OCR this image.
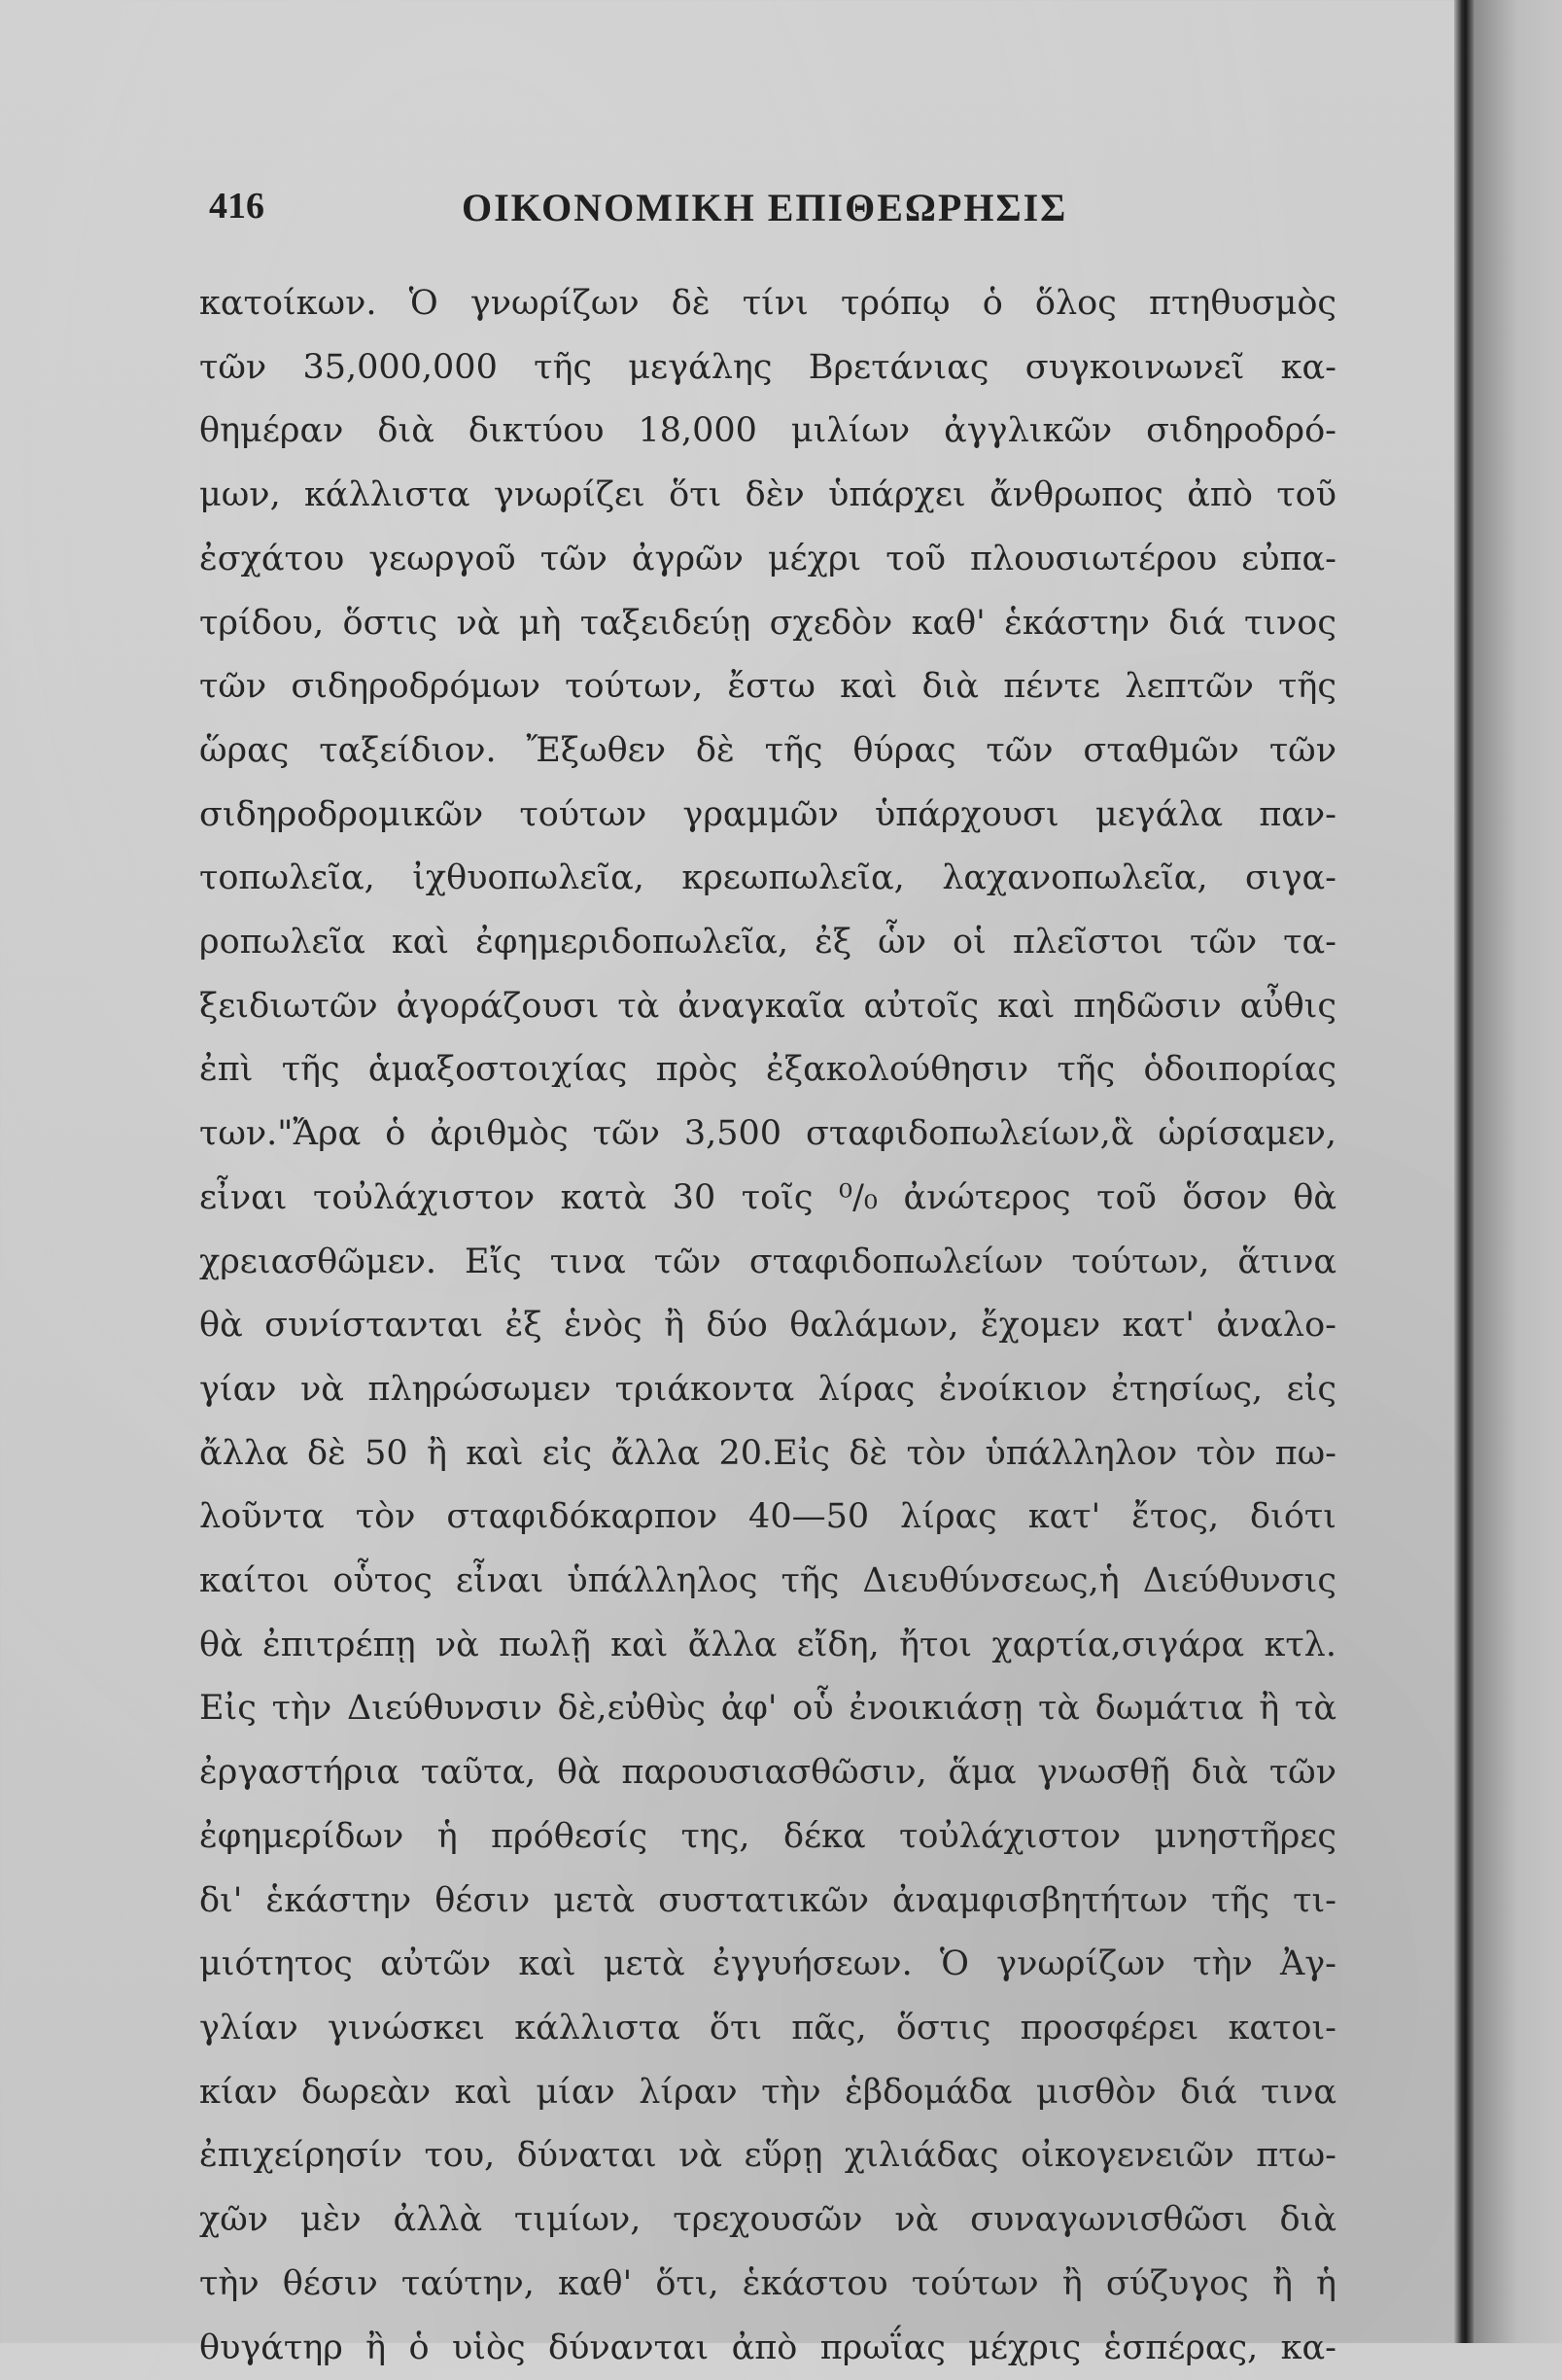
416	ΟΙΚΟΝΟΜΙΚΗ ΕΠΙΘΕΩΡΗΣΙΣ
κατοίκων. Ὁ γνωρίζων δὲ τίνι τρόπῳ ὁ ὅλος πτηθυσμὸς
τῶν 35,000,000 τῆς μεγάλης Βρετάνιας συγκοινωνεῖ κα-
θημέραν διὰ δικτύου 18,000 μιλίων ἀγγλικῶν σιδηροδρό-
μων, κάλλιστα γνωρίζει ὅτι δὲν ὑπάρχει ἄνθρωπος ἀπὸ τοῦ
ἐσχάτου γεωργοῦ τῶν ἀγρῶν μέχρι τοῦ πλουσιωτέρου εὐπα-
τρίδου, ὅστις νὰ μὴ ταξειδεύῃ σχεδὸν καθ' ἑκάστην διά τινος
τῶν σιδηροδρόμων τούτων, ἔστω καὶ διὰ πέντε λεπτῶν τῆς
ὥρας ταξείδιον. Ἔξωθεν δὲ τῆς θύρας τῶν σταθμῶν τῶν
σιδηροδρομικῶν τούτων γραμμῶν ὑπάρχουσι μεγάλα παν-
τοπωλεῖα, ἰχθυοπωλεῖα, κρεωπωλεῖα, λαχανοπωλεῖα, σιγα-
ροπωλεῖα καὶ ἐφημεριδοπωλεῖα, ἐξ ὧν οἱ πλεῖστοι τῶν τα-
ξειδιωτῶν ἀγοράζουσι τὰ ἀναγκαῖα αὐτοῖς καὶ πηδῶσιν αὖθις
ἐπὶ τῆς ἁμαξοστοιχίας πρὸς ἐξακολούθησιν τῆς ὁδοιπορίας
των."Ἄρα ὁ ἀριθμὸς τῶν 3,500 σταφιδοπωλείων,ἃ ὡρίσαμεν,
εἶναι τοὐλάχιστον κατὰ 30 τοῖς ⁰/₀ ἀνώτερος τοῦ ὅσον θὰ
χρειασθῶμεν. Εἴς τινα τῶν σταφιδοπωλείων τούτων, ἅτινα
θὰ συνίστανται ἐξ ἑνὸς ἢ δύο θαλάμων, ἔχομεν κατ' ἀναλο-
γίαν νὰ πληρώσωμεν τριάκοντα λίρας ἐνοίκιον ἐτησίως, εἰς
ἄλλα δὲ 50 ἢ καὶ εἰς ἄλλα 20.Εἰς δὲ τὸν ὑπάλληλον τὸν πω-
λοῦντα τὸν σταφιδόκαρπον 40—50 λίρας κατ' ἔτος, διότι
καίτοι οὗτος εἶναι ὑπάλληλος τῆς Διευθύνσεως,ἡ Διεύθυνσις
θὰ ἐπιτρέπῃ νὰ πωλῇ καὶ ἄλλα εἴδη, ἤτοι χαρτία,σιγάρα κτλ.
Εἰς τὴν Διεύθυνσιν δὲ,εὐθὺς ἀφ' οὗ ἐνοικιάσῃ τὰ δωμάτια ἢ τὰ
ἐργαστήρια ταῦτα, θὰ παρουσιασθῶσιν, ἅμα γνωσθῇ διὰ τῶν
ἐφημερίδων ἡ πρόθεσίς της, δέκα τοὐλάχιστον μνηστῆρες
δι' ἑκάστην θέσιν μετὰ συστατικῶν ἀναμφισβητήτων τῆς τι-
μιότητος αὐτῶν καὶ μετὰ ἐγγυήσεων. Ὁ γνωρίζων τὴν Ἀγ-
γλίαν γινώσκει κάλλιστα ὅτι πᾶς, ὅστις προσφέρει κατοι-
κίαν δωρεὰν καὶ μίαν λίραν τὴν ἑβδομάδα μισθὸν διά τινα
ἐπιχείρησίν του, δύναται νὰ εὕρῃ χιλιάδας οἰκογενειῶν πτω-
χῶν μὲν ἀλλὰ τιμίων, τρεχουσῶν νὰ συναγωνισθῶσι διὰ
τὴν θέσιν ταύτην, καθ' ὅτι, ἑκάστου τούτων ἢ σύζυγος ἢ ἡ
θυγάτηρ ἢ ὁ υἱὸς δύνανται ἀπὸ πρωΐας μέχρις ἑσπέρας, κα-
